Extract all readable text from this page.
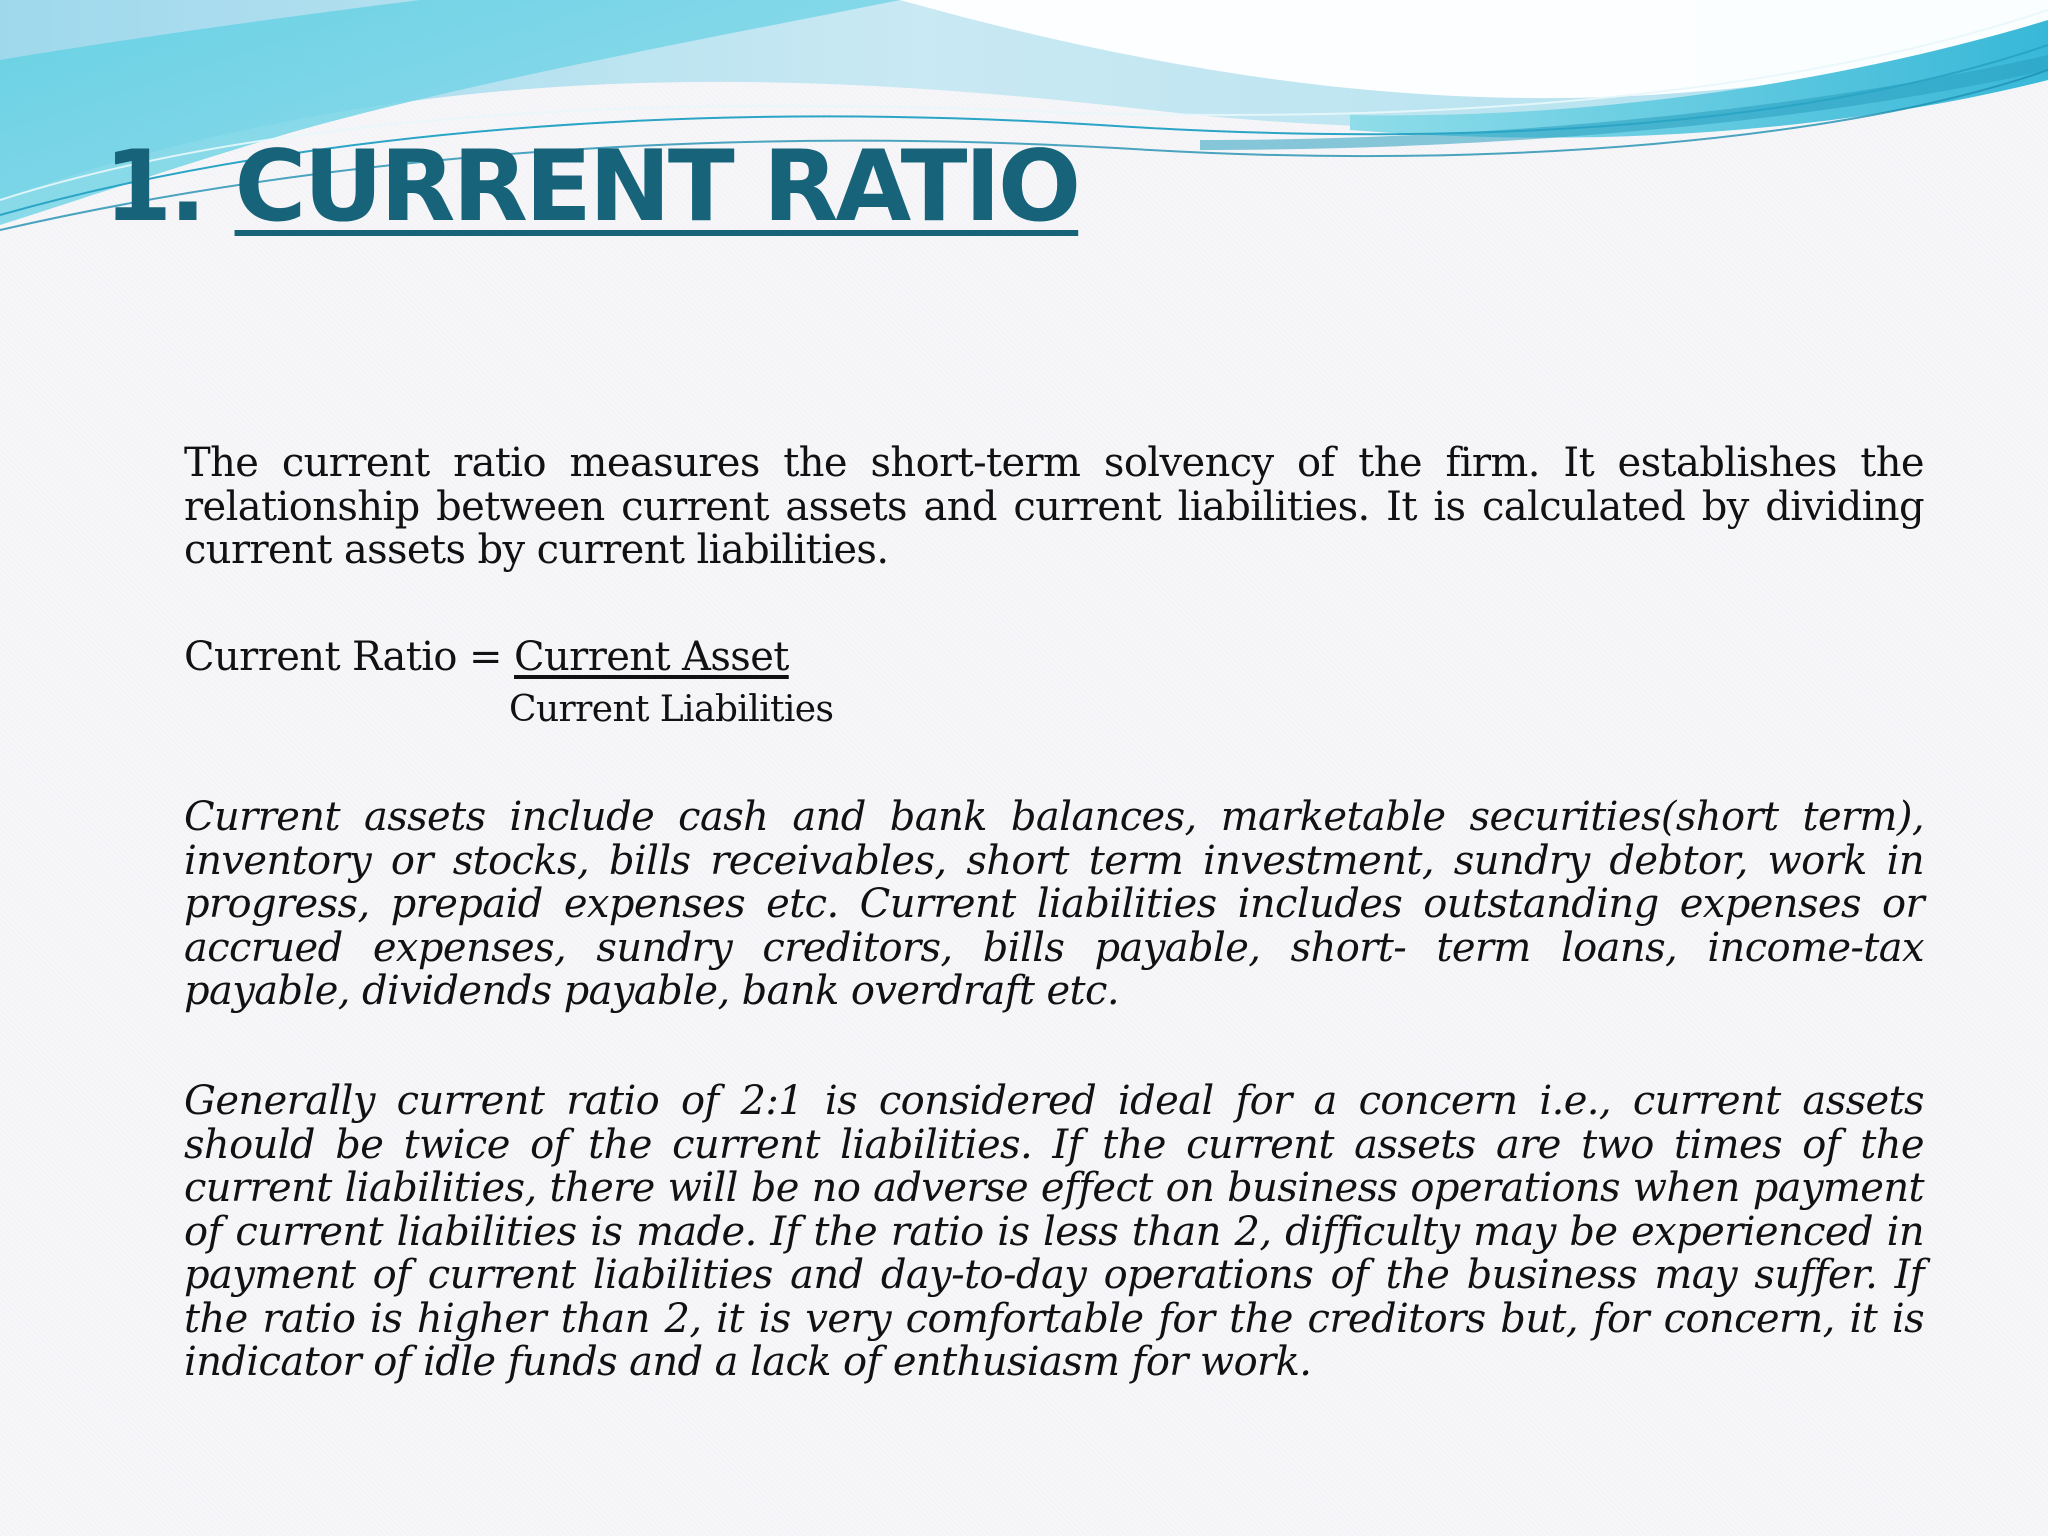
1. CURRENT RATIO

The current ratio measures the short-term solvency of the firm. It establishes the relationship between current assets and current liabilities. It is calculated by dividing current assets by current liabilities.

Current Ratio = Current Asset

Current Liabilities

Current assets include cash and bank balances, marketable securities(short term), inventory or stocks, bills receivables, short term investment, sundry debtor, work in progress, prepaid expenses etc. Current liabilities includes outstanding expenses or accrued expenses, sundry creditors, bills payable, short- term loans, income-tax payable, dividends payable, bank overdraft etc.

Generally current ratio of 2:1 is considered ideal for a concern i.e., current assets should be twice of the current liabilities. If the current assets are two times of the current liabilities, there will be no adverse effect on business operations when payment of current liabilities is made. If the ratio is less than 2, difficulty may be experienced in payment of current liabilities and day-to-day operations of the business may suffer. If the ratio is higher than 2, it is very comfortable for the creditors but, for concern, it is indicator of idle funds and a lack of enthusiasm for work.
